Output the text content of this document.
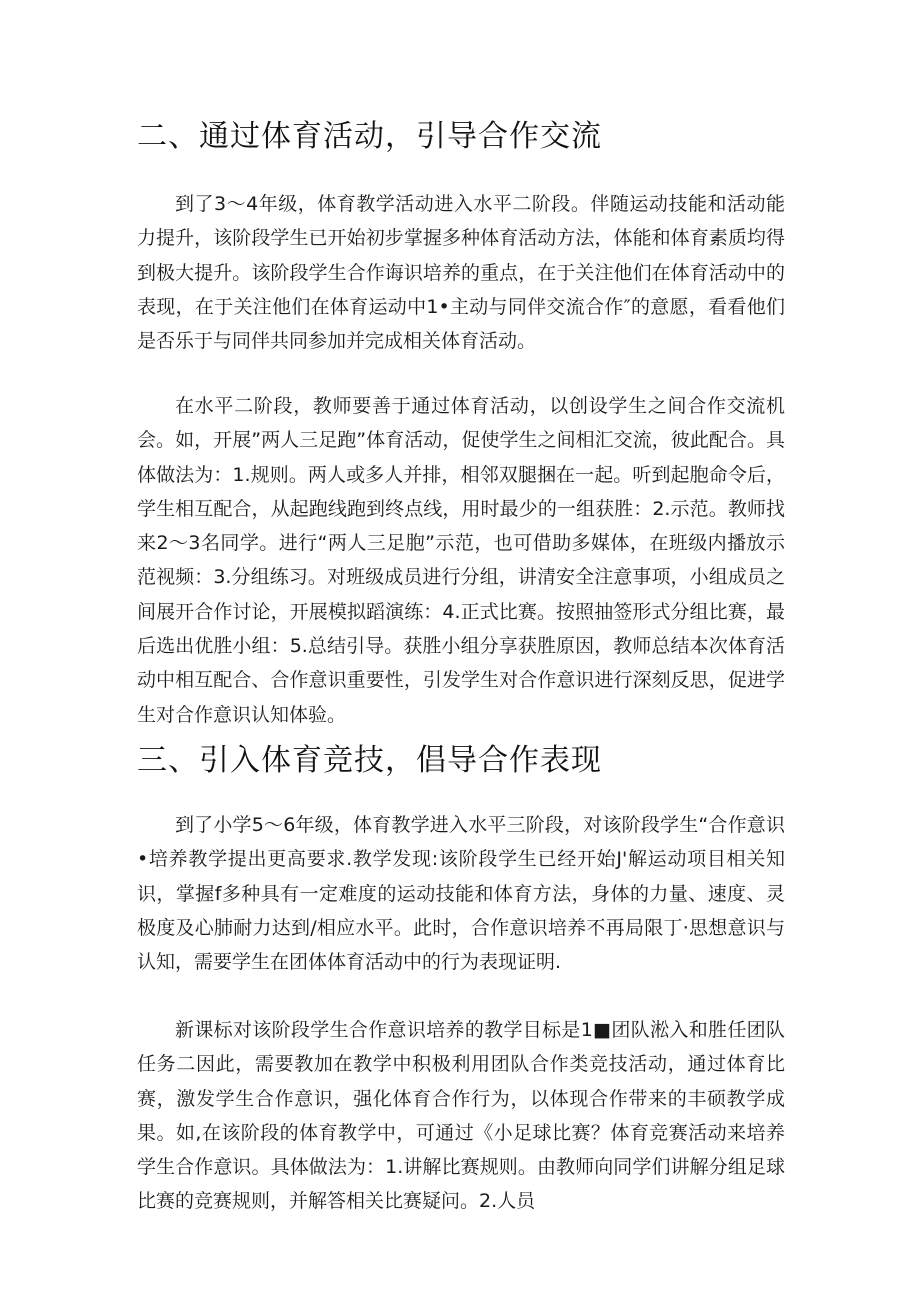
二、通过体育活动，引导合作交流

到了3〜4年级，体育教学活动进入水平二阶段。伴随运动技能和活动能力提升，该阶段学生已开始初步掌握多种体育活动方法，体能和体育素质均得到极大提升。该阶段学生合作诲识培养的重点，在于关注他们在体育活动中的表现，在于关注他们在体育运动中1•主动与同伴交流合作″的意愿，看看他们是否乐于与同伴共同参加并完成相关体育活动。

在水平二阶段，教师要善于通过体育活动，以创设学生之间合作交流机会。如，开展”两人三足跑”体育活动，促使学生之间相汇交流，彼此配合。具体做法为：1.规则。两人或多人并排，相邻双腿捆在一起。听到起胞命令后，学生相互配合，从起跑线跑到终点线，用时最少的一组获胜：2.示范。教师找来2〜3名同学。进行“两人三足胞”示范，也可借助多媒体，在班级内播放示范视频：3.分组练习。对班级成员进行分组，讲清安全注意事项，小组成员之间展开合作讨论，开展模拟蹈演练：4.正式比赛。按照抽签形式分组比赛，最后选出优胜小组：5.总结引导。获胜小组分享获胜原因，教师总结本次体育活动中相互配合、合作意识重要性，引发学生对合作意识进行深刻反思，促进学生对合作意识认知体验。

三、引入体育竞技，倡导合作表现

到了小学5〜6年级，体育教学进入水平三阶段，对该阶段学生“合作意识•培养教学提出更高要求.教学发现:该阶段学生已经开始J'解运动项目相关知识，掌握f多种具有一定难度的运动技能和体育方法，身体的力量、速度、灵极度及心肺耐力达到/相应水平。此时，合作意识培养不再局限丁·思想意识与认知，需要学生在团体体育活动中的行为表现证明.

新课标对该阶段学生合作意识培养的教学目标是1■团队淞入和胜任团队任务二因此，需要教加在教学中积极利用团队合作类竞技活动，通过体育比赛，激发学生合作意识，强化体育合作行为，以体现合作带来的丰硕教学成果。如,在该阶段的体育教学中，可通过《小足球比赛？体育竞赛活动来培养学生合作意识。具体做法为：1.讲解比赛规则。由教师向同学们讲解分组足球比赛的竞赛规则，并解答相关比赛疑问。2.人员
